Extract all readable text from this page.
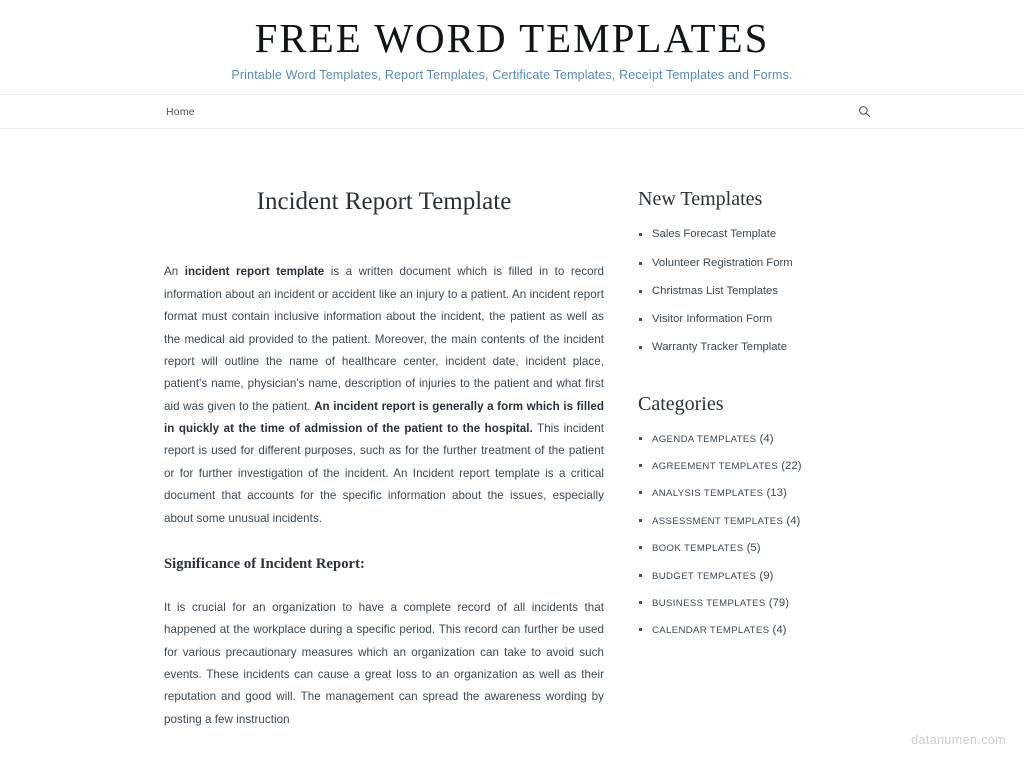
FREE WORD TEMPLATES
Printable Word Templates, Report Templates, Certificate Templates, Receipt Templates and Forms.
Home
Incident Report Template

An incident report template is a written document which is filled in to record information about an incident or accident like an injury to a patient. An incident report format must contain inclusive information about the incident, the patient as well as the medical aid provided to the patient. Moreover, the main contents of the incident report will outline the name of healthcare center, incident date, incident place, patient's name, physician's name, description of injuries to the patient and what first aid was given to the patient. An incident report is generally a form which is filled in quickly at the time of admission of the patient to the hospital. This incident report is used for different purposes, such as for the further treatment of the patient or for further investigation of the incident. An Incident report template is a critical document that accounts for the specific information about the issues, especially about some unusual incidents.

Significance of Incident Report:

It is crucial for an organization to have a complete record of all incidents that happened at the workplace during a specific period. This record can further be used for various precautionary measures which an organization can take to avoid such events. These incidents can cause a great loss to an organization as well as their reputation and good will. The management can spread the awareness wording by posting a few instruction

New Templates
Sales Forecast Template
Volunteer Registration Form
Christmas List Templates
Visitor Information Form
Warranty Tracker Template
Categories
AGENDA TEMPLATES (4)
AGREEMENT TEMPLATES (22)
ANALYSIS TEMPLATES (13)
ASSESSMENT TEMPLATES (4)
BOOK TEMPLATES (5)
BUDGET TEMPLATES (9)
BUSINESS TEMPLATES (79)
CALENDAR TEMPLATES (4)
datanumen.com
